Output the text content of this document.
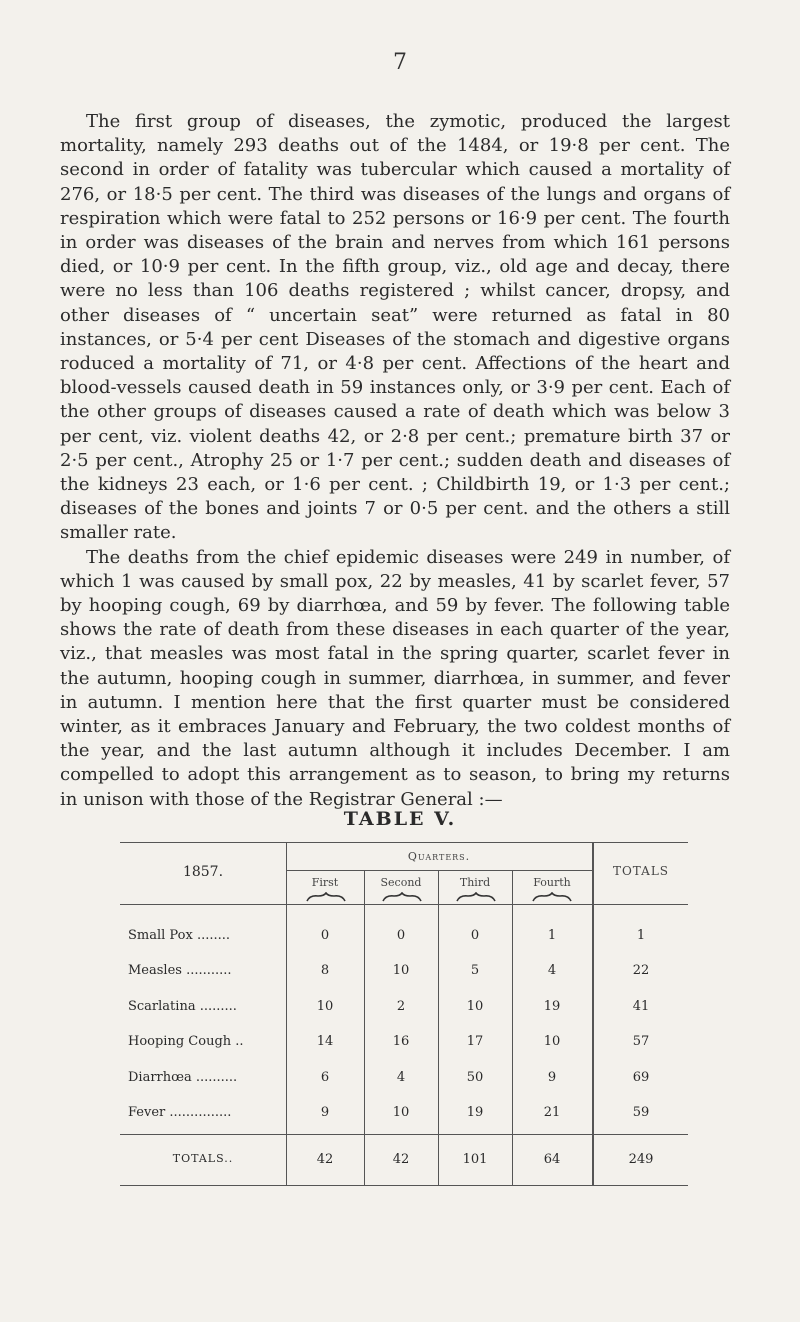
7

The first group of diseases, the zymotic, produced the largest mortality, namely 293 deaths out of the 1484, or 19·8 per cent. The second in order of fatality was tubercular which caused a mortality of 276, or 18·5 per cent. The third was diseases of the lungs and organs of respiration which were fatal to 252 persons or 16·9 per cent. The fourth in order was diseases of the brain and nerves from which 161 persons died, or 10·9 per cent. In the fifth group, viz., old age and decay, there were no less than 106 deaths registered ; whilst cancer, dropsy, and other diseases of “ uncertain seat” were returned as fatal in 80 instances, or 5·4 per cent Diseases of the stomach and digestive organs roduced a mortality of 71, or 4·8 per cent. Affections of the heart and blood-vessels caused death in 59 instances only, or 3·9 per cent. Each of the other groups of diseases caused a rate of death which was below 3 per cent, viz. violent deaths 42, or 2·8 per cent.; premature birth 37 or 2·5 per cent., Atrophy 25 or 1·7 per cent.; sudden death and diseases of the kidneys 23 each, or 1·6 per cent. ; Childbirth 19, or 1·3 per cent.; diseases of the bones and joints 7 or 0·5 per cent. and the others a still smaller rate.

The deaths from the chief epidemic diseases were 249 in number, of which 1 was caused by small pox, 22 by measles, 41 by scarlet fever, 57 by hooping cough, 69 by diarrhœa, and 59 by fever. The following table shows the rate of death from these diseases in each quarter of the year, viz., that measles was most fatal in the spring quarter, scarlet fever in the autumn, hooping cough in summer, diarrhœa, in summer, and fever in autumn. I mention here that the first quarter must be considered winter, as it embraces January and February, the two coldest months of the year, and the last autumn although it includes December. I am compelled to adopt this arrangement as to season, to bring my returns in unison with those of the Registrar General :—

TABLE V.
1857.
Quarters.
TOTALS
First	Second	Third	Fourth
Small Pox ........	0	0	0	1	1
Measles ...........	8	10	5	4	22
Scarlatina .........	10	2	10	19	41
Hooping Cough ..	14	16	17	10	57
Diarrhœa ..........	6	4	50	9	69
Fever ...............	9	10	19	21	59
TOTALS..	42	42	101	64	249
